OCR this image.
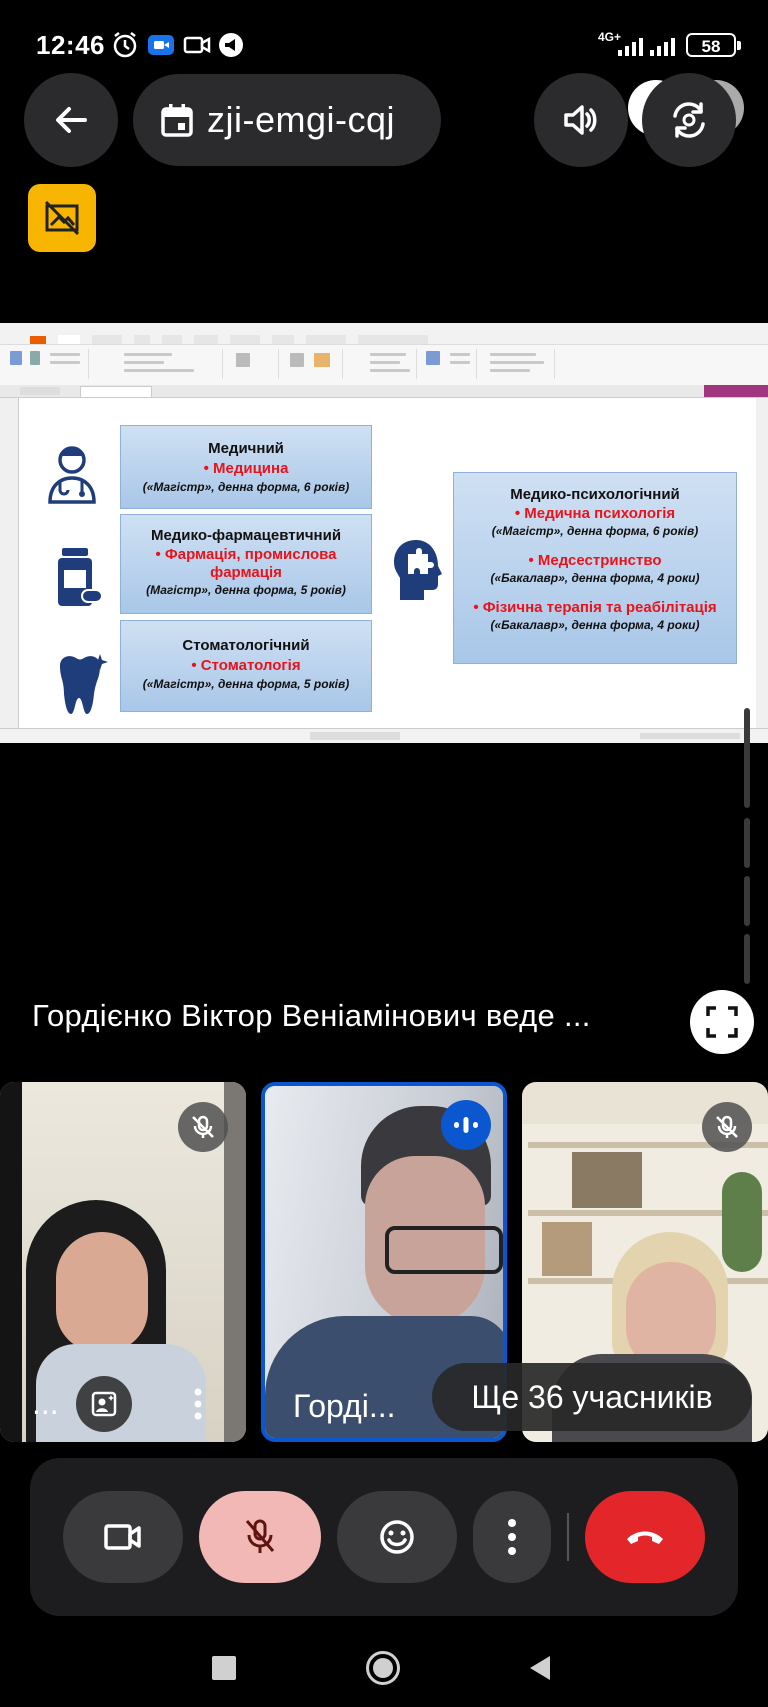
12:46	4G+	58
zji-emgi-cqj
Медичний
• Медицина
(«Магістр», денна форма, 6 років)
Медико-фармацевтичний
• Фармація, промислова
фармація
(Магістр», денна форма, 5 років)
Стоматологічний
• Стоматологія
(«Магістр», денна форма, 5 років)
Медико-психологічний
• Медична психологія
(«Магістр», денна форма, 6 років)
• Медсестринство
(«Бакалавр», денна форма, 4 роки)
• Фізична терапія та реабілітація
(«Бакалавр», денна форма, 4 роки)
Гордієнко Віктор Веніамінович веде ...
...	Горді...	Ще 36 учасників
